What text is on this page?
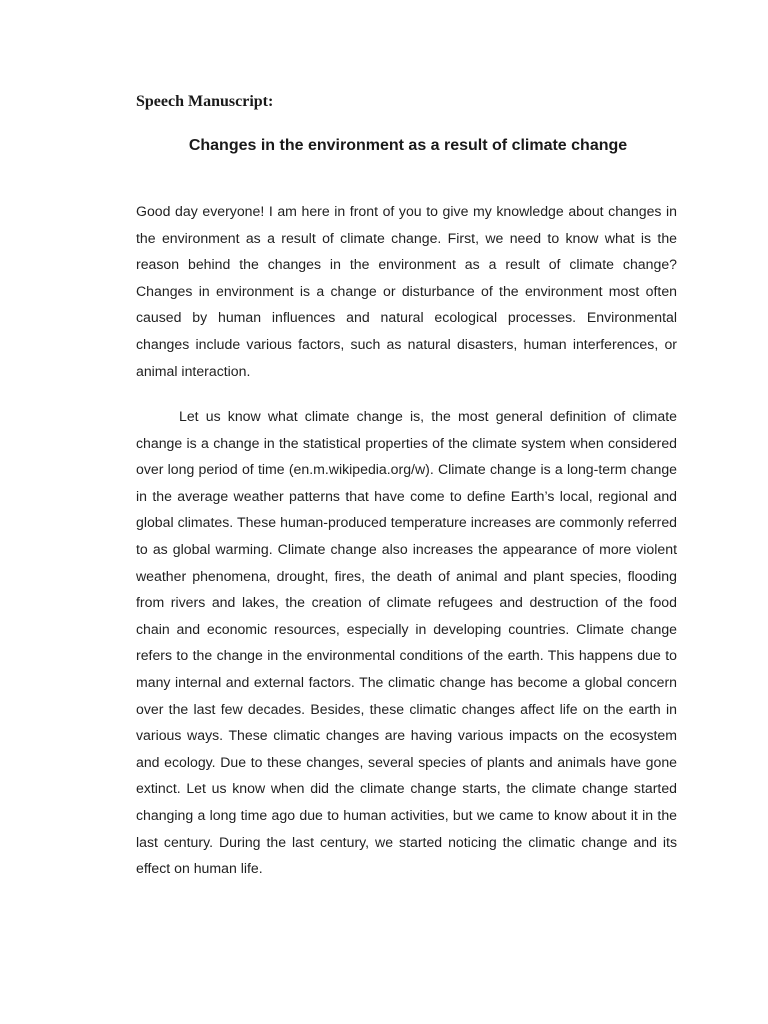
Speech Manuscript:

Changes in the environment as a result of climate change

Good day everyone! I am here in front of you to give my knowledge about changes in the environment as a result of climate change. First, we need to know what is the reason behind the changes in the environment as a result of climate change? Changes in environment is a change or disturbance of the environment most often caused by human influences and natural ecological processes. Environmental changes include various factors, such as natural disasters, human interferences, or animal interaction.

Let us know what climate change is, the most general definition of climate change is a change in the statistical properties of the climate system when considered over long period of time (en.m.wikipedia.org/w). Climate change is a long-term change in the average weather patterns that have come to define Earth’s local, regional and global climates. These human-produced temperature increases are commonly referred to as global warming. Climate change also increases the appearance of more violent weather phenomena, drought, fires, the death of animal and plant species, flooding from rivers and lakes, the creation of climate refugees and destruction of the food chain and economic resources, especially in developing countries. Climate change refers to the change in the environmental conditions of the earth. This happens due to many internal and external factors. The climatic change has become a global concern over the last few decades. Besides, these climatic changes affect life on the earth in various ways. These climatic changes are having various impacts on the ecosystem and ecology. Due to these changes, several species of plants and animals have gone extinct. Let us know when did the climate change starts, the climate change started changing a long time ago due to human activities, but we came to know about it in the last century. During the last century, we started noticing the climatic change and its effect on human life.
